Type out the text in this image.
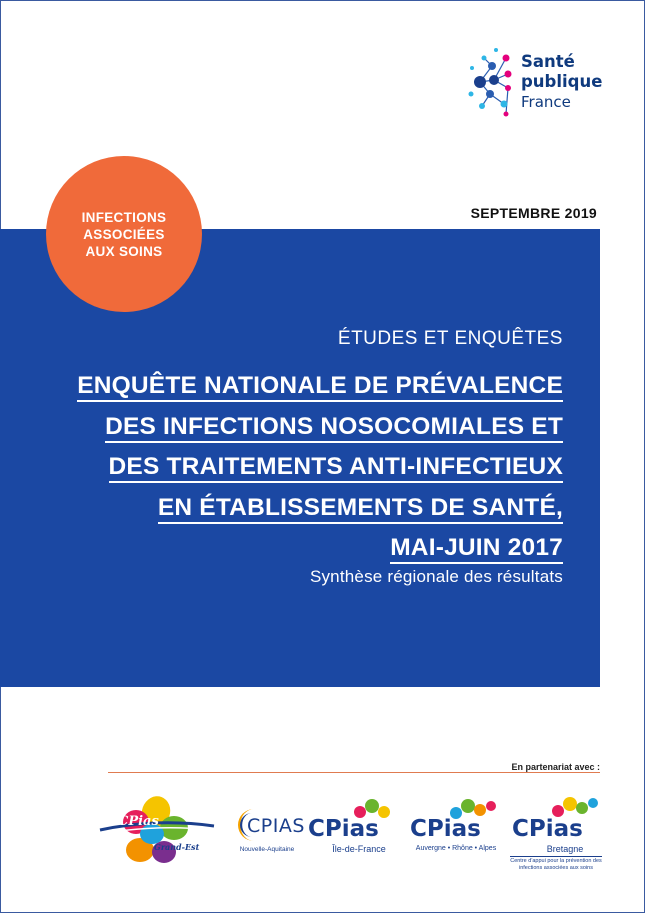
Santé
publique
France
SEPTEMBRE 2019
INFECTIONS
ASSOCIÉES
AUX SOINS
ÉTUDES ET ENQUÊTES
ENQUÊTE NATIONALE DE PRÉVALENCE
DES INFECTIONS NOSOCOMIALES ET
DES TRAITEMENTS ANTI-INFECTIEUX
EN ÉTABLISSEMENTS DE SANTÉ,
MAI-JUIN 2017
Synthèse régionale des résultats
En partenariat avec :
CPias
Grand-Est
CPIAS
Nouvelle-Aquitaine
CPias
Île-de-France
CPias
Auvergne • Rhône • Alpes
CPias
Bretagne
Centre d'appui pour la prévention des infections associées aux soins
